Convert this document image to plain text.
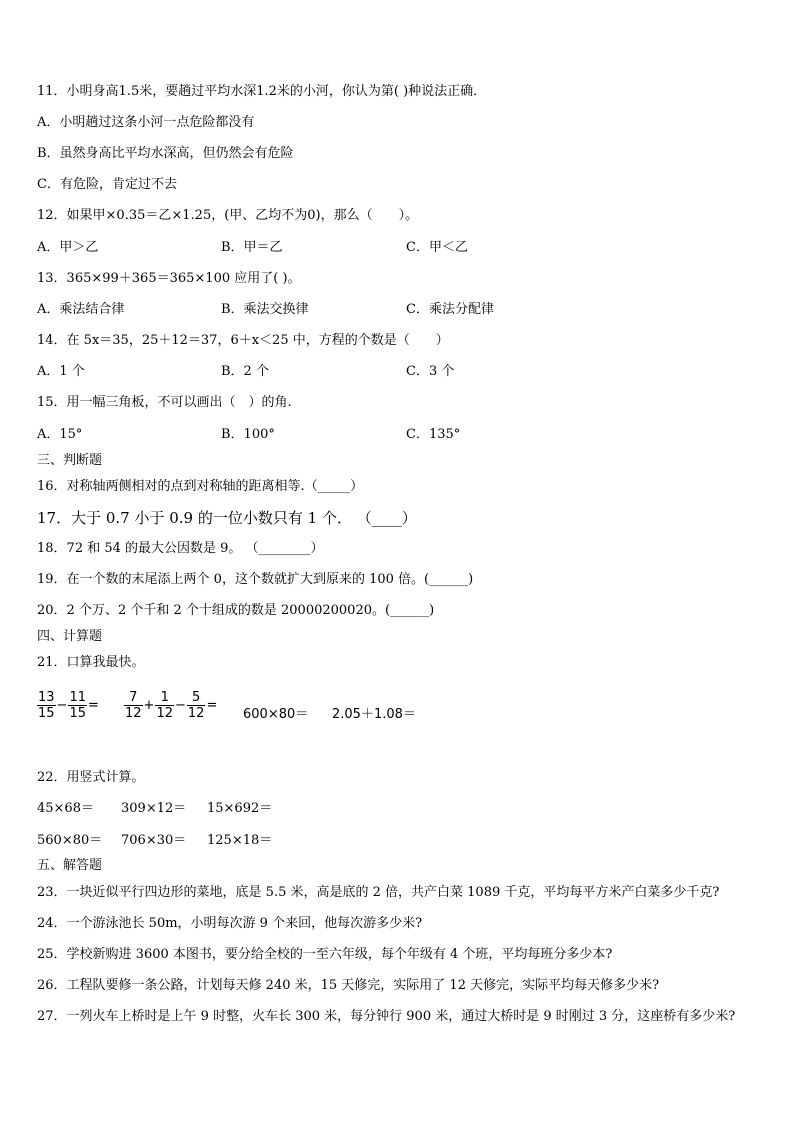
11．小明身高1.5米，要趟过平均水深1.2米的小河，你认为第( )种说法正确．
A．小明趟过这条小河一点危险都没有
B．虽然身高比平均水深高，但仍然会有危险
C．有危险，肯定过不去
12．如果甲×0.35＝乙×1.25，(甲、乙均不为0)，那么（　　）。
A．甲＞乙	B．甲＝乙	C．甲＜乙
13．365×99＋365＝365×100 应用了( )。
A．乘法结合律	B．乘法交换律	C．乘法分配律
14．在 5x＝35，25＋12＝37，6＋x＜25 中，方程的个数是（　　）
A．1 个	B．2 个	C．3 个
15．用一幅三角板，不可以画出（　）的角.
A．15°	B．100°	C．135°
三、判断题
16．对称轴两侧相对的点到对称轴的距离相等.（_____）
17．大于 0.7 小于 0.9 的一位小数只有 1 个． （____）
18．72 和 54 的最大公因数是 9。 （________）
19．在一个数的末尾添上两个 0，这个数就扩大到原来的 100 倍。(______)
20．2 个万、2 个千和 2 个十组成的数是 20000200020。(______)
四、计算题
21．口算我最快。
$\frac{13}{15} - \frac{11}{15} = \frac{7}{12} + \frac{1}{12} - \frac{5}{12}$ =
600×80＝ 2.05＋1.08＝
22．用竖式计算。
45×68＝ 309×12＝ 15×692＝
560×80＝ 706×30＝ 125×18＝
五、解答题
23．一块近似平行四边形的菜地，底是 5.5 米，高是底的 2 倍，共产白菜 1089 千克，平均每平方米产白菜多少千克?
24．一个游泳池长 50m，小明每次游 9 个来回，他每次游多少米?
25．学校新购进 3600 本图书，要分给全校的一至六年级，每个年级有 4 个班，平均每班分多少本?
26．工程队要修一条公路，计划每天修 240 米，15 天修完，实际用了 12 天修完，实际平均每天修多少米?
27．一列火车上桥时是上午 9 时整，火车长 300 米，每分钟行 900 米，通过大桥时是 9 时刚过 3 分，这座桥有多少米?
